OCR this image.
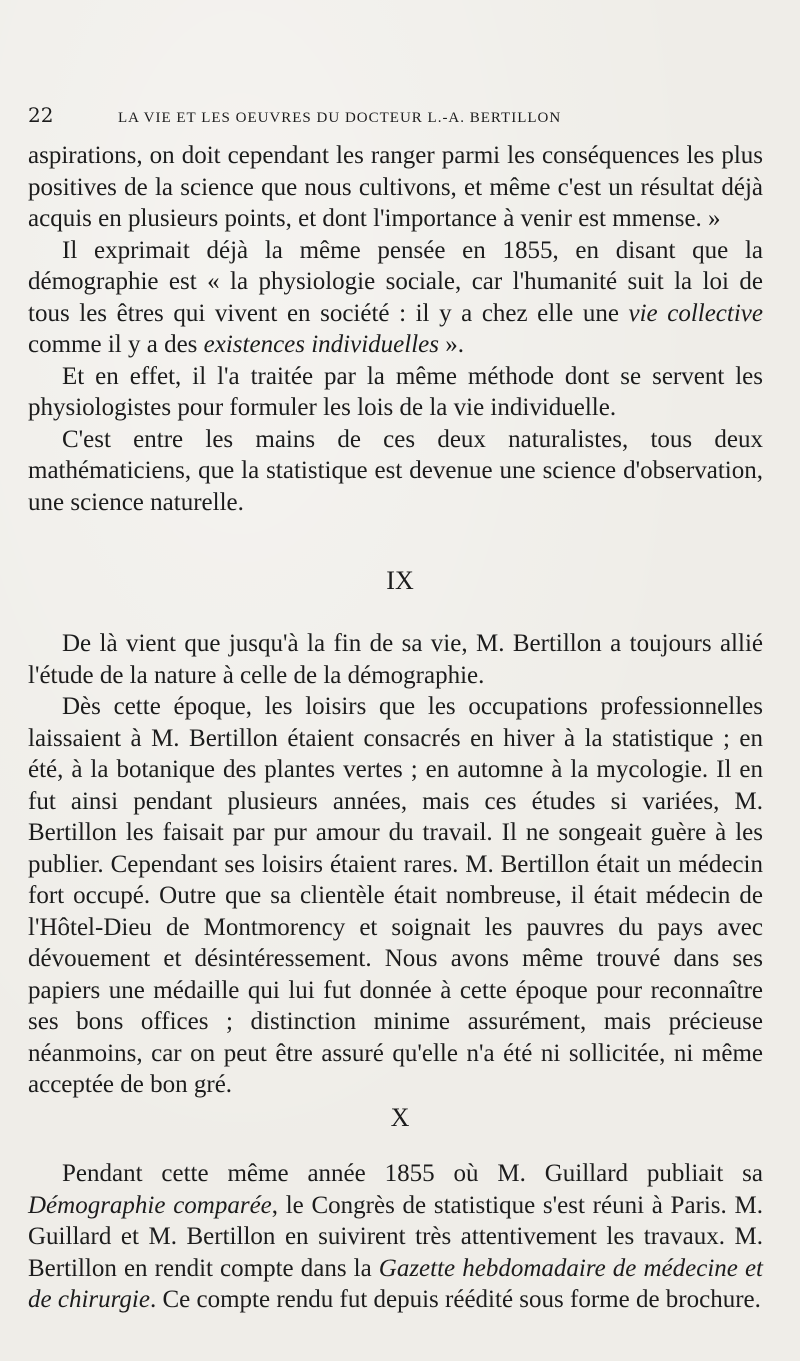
22	LA VIE ET LES OEUVRES DU DOCTEUR L.-A. BERTILLON

aspirations, on doit cependant les ranger parmi les conséquences les plus positives de la science que nous cultivons, et même c'est un résultat déjà acquis en plusieurs points, et dont l'importance à venir est mmense. »

Il exprimait déjà la même pensée en 1855, en disant que la démographie est « la physiologie sociale, car l'humanité suit la loi de tous les êtres qui vivent en société : il y a chez elle une vie collective comme il y a des existences individuelles ».

Et en effet, il l'a traitée par la même méthode dont se servent les physiologistes pour formuler les lois de la vie individuelle.

C'est entre les mains de ces deux naturalistes, tous deux mathématiciens, que la statistique est devenue une science d'observation, une science naturelle.

IX

De là vient que jusqu'à la fin de sa vie, M. Bertillon a toujours allié l'étude de la nature à celle de la démographie.

Dès cette époque, les loisirs que les occupations professionnelles laissaient à M. Bertillon étaient consacrés en hiver à la statistique ; en été, à la botanique des plantes vertes ; en automne à la mycologie. Il en fut ainsi pendant plusieurs années, mais ces études si variées, M. Bertillon les faisait par pur amour du travail. Il ne songeait guère à les publier. Cependant ses loisirs étaient rares. M. Bertillon était un médecin fort occupé. Outre que sa clientèle était nombreuse, il était médecin de l'Hôtel-Dieu de Montmorency et soignait les pauvres du pays avec dévouement et désintéressement. Nous avons même trouvé dans ses papiers une médaille qui lui fut donnée à cette époque pour reconnaître ses bons offices ; distinction minime assurément, mais précieuse néanmoins, car on peut être assuré qu'elle n'a été ni sollicitée, ni même acceptée de bon gré.

X

Pendant cette même année 1855 où M. Guillard publiait sa Démographie comparée, le Congrès de statistique s'est réuni à Paris. M. Guillard et M. Bertillon en suivirent très attentivement les travaux. M. Bertillon en rendit compte dans la Gazette hebdomadaire de médecine et de chirurgie. Ce compte rendu fut depuis réédité sous forme de brochure.
